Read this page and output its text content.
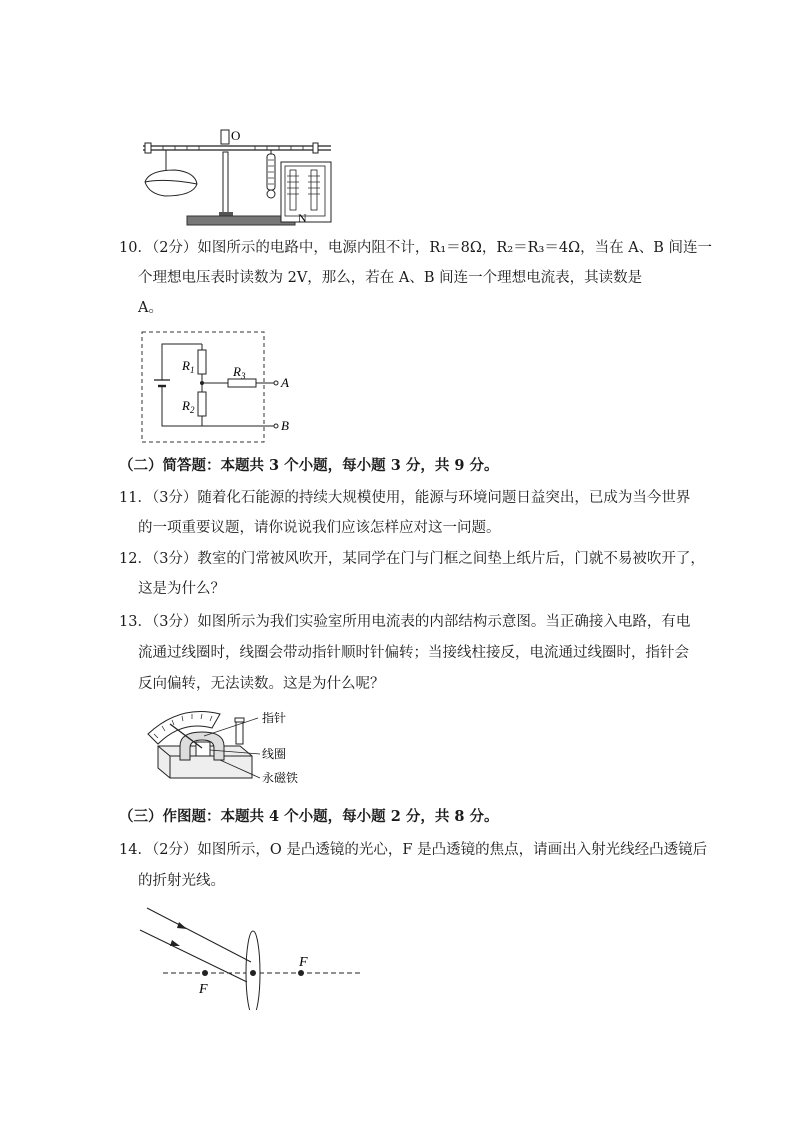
O
N
10．（2分）如图所示的电路中，电源内阻不计，R₁＝8Ω，R₂＝R₃＝4Ω，当在 A、B 间连一
个理想电压表时读数为 2V，那么，若在 A、B 间连一个理想电流表，其读数是
A。
$R_1$
$R_2$
$R_3$	A
B
（二）简答题：本题共 3 个小题，每小题 3 分，共 9 分。
11．（3分）随着化石能源的持续大规模使用，能源与环境问题日益突出，已成为当今世界
的一项重要议题，请你说说我们应该怎样应对这一问题。
12．（3分）教室的门常被风吹开，某同学在门与门框之间垫上纸片后，门就不易被吹开了，
这是为什么？
13．（3分）如图所示为我们实验室所用电流表的内部结构示意图。当正确接入电路，有电
流通过线圈时，线圈会带动指针顺时针偏转；当接线柱接反，电流通过线圈时，指针会
反向偏转，无法读数。这是为什么呢？
指针
线圈
永磁铁
（三）作图题：本题共 4 个小题，每小题 2 分，共 8 分。
14．（2分）如图所示，O 是凸透镜的光心，F 是凸透镜的焦点，请画出入射光线经凸透镜后
的折射光线。
F
F
